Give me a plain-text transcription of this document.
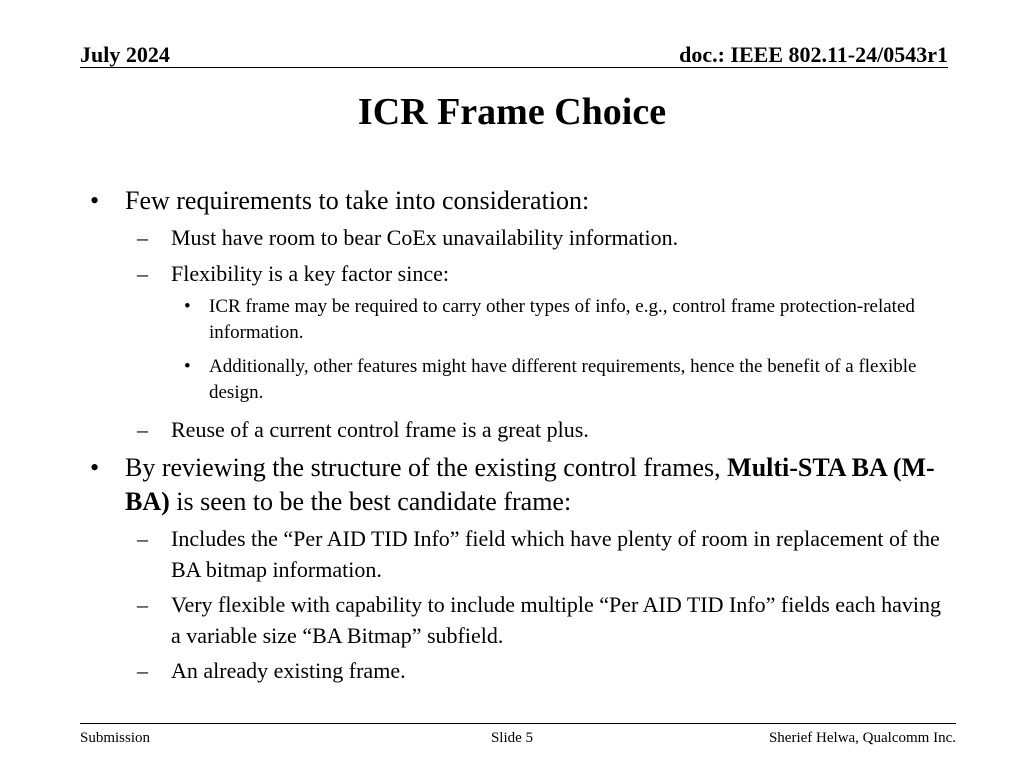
July 2024	doc.: IEEE 802.11-24/0543r1
ICR Frame Choice
• Few requirements to take into consideration:
– Must have room to bear CoEx unavailability information.
– Flexibility is a key factor since:
• ICR frame may be required to carry other types of info, e.g., control frame protection-related information.
• Additionally, other features might have different requirements, hence the benefit of a flexible design.
– Reuse of a current control frame is a great plus.
• By reviewing the structure of the existing control frames, Multi-STA BA (M-BA) is seen to be the best candidate frame:
– Includes the “Per AID TID Info” field which have plenty of room in replacement of the BA bitmap information.
– Very flexible with capability to include multiple “Per AID TID Info” fields each having a variable size “BA Bitmap” subfield.
– An already existing frame.
Submission	Slide 5	Sherief Helwa, Qualcomm Inc.
